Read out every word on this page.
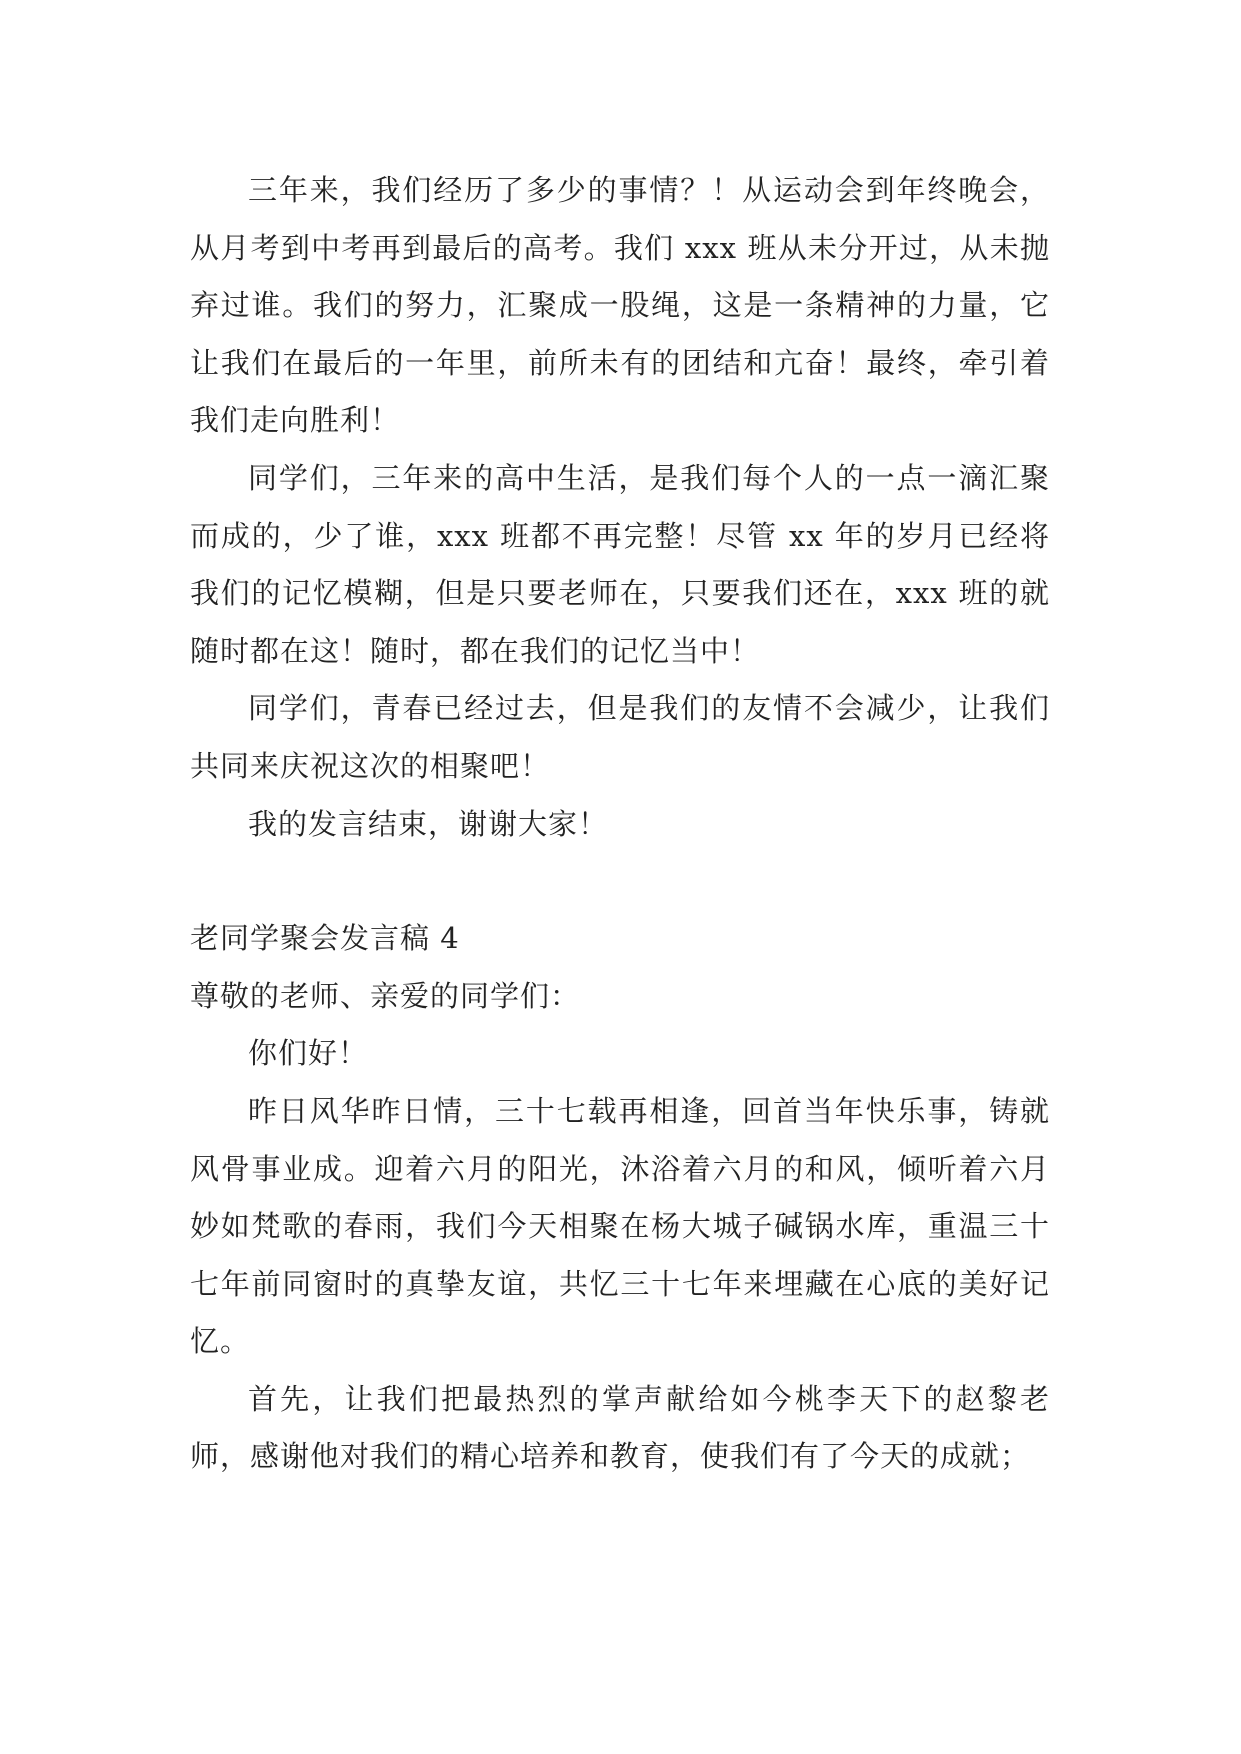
三年来，我们经历了多少的事情？！从运动会到年终晚会，从月考到中考再到最后的高考。我们 xxx 班从未分开过，从未抛弃过谁。我们的努力，汇聚成一股绳，这是一条精神的力量，它让我们在最后的一年里，前所未有的团结和亢奋！最终，牵引着我们走向胜利！

同学们，三年来的高中生活，是我们每个人的一点一滴汇聚而成的，少了谁，xxx 班都不再完整！尽管 xx 年的岁月已经将我们的记忆模糊，但是只要老师在，只要我们还在，xxx 班的就随时都在这！随时，都在我们的记忆当中！

同学们，青春已经过去，但是我们的友情不会减少，让我们共同来庆祝这次的相聚吧！

我的发言结束，谢谢大家！

老同学聚会发言稿 4

尊敬的老师、亲爱的同学们：

你们好！

昨日风华昨日情，三十七载再相逢，回首当年快乐事，铸就风骨事业成。迎着六月的阳光，沐浴着六月的和风，倾听着六月妙如梵歌的春雨，我们今天相聚在杨大城子碱锅水库，重温三十七年前同窗时的真挚友谊，共忆三十七年来埋藏在心底的美好记忆。

首先，让我们把最热烈的掌声献给如今桃李天下的赵黎老师，感谢他对我们的精心培养和教育，使我们有了今天的成就；
